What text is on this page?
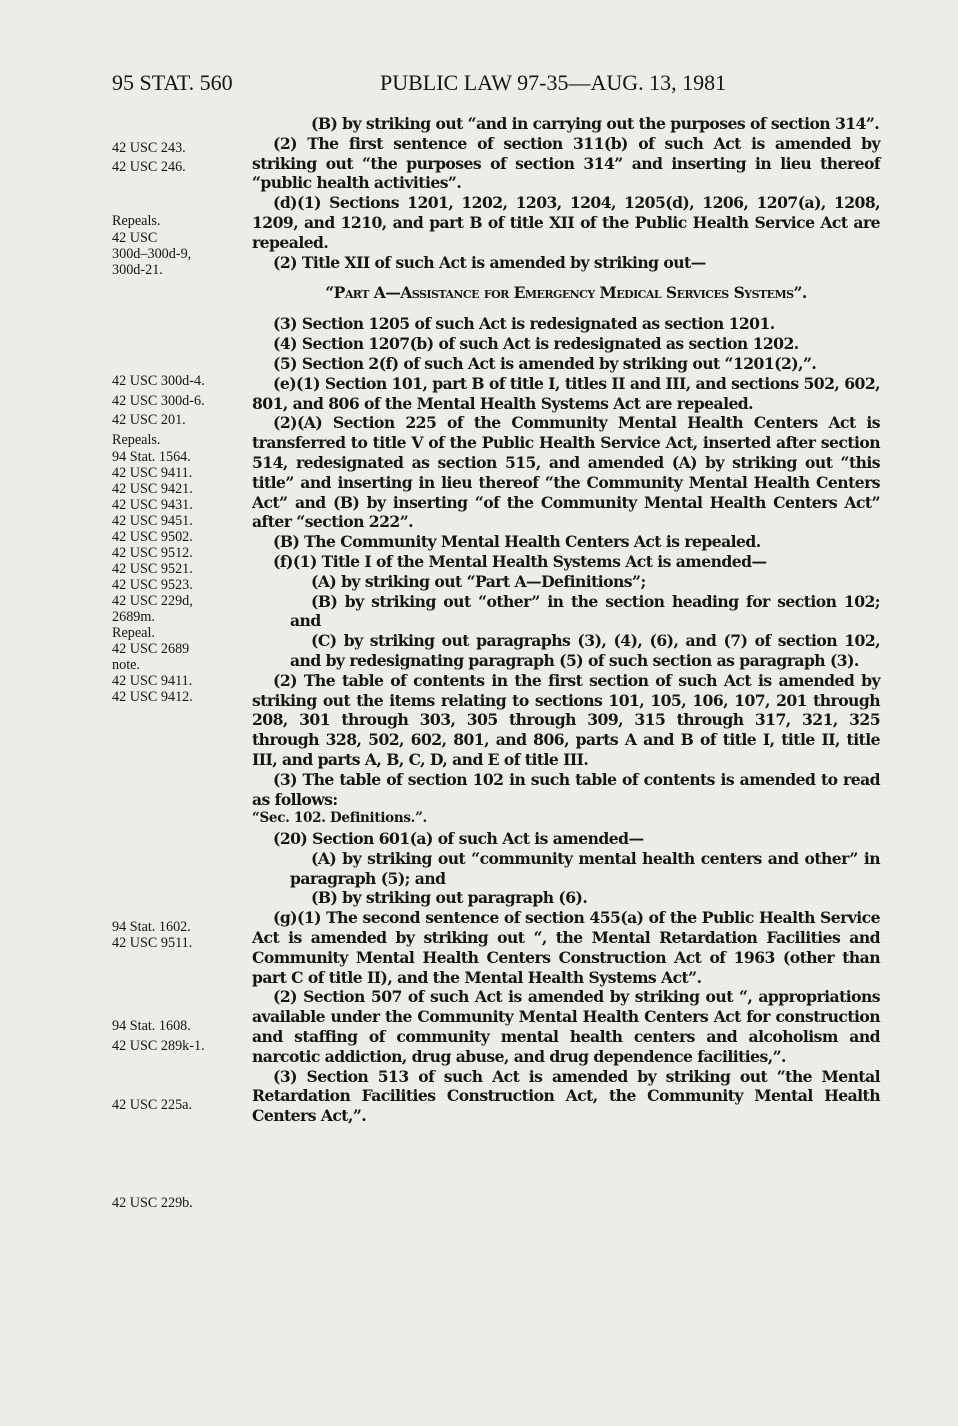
95 STAT. 560	PUBLIC LAW 97-35—AUG. 13, 1981
42 USC 243.
42 USC 246.
Repeals.
42 USC
300d–300d-9,
300d-21.
42 USC 300d-4.
42 USC 300d-6.
42 USC 201.
Repeals.
94 Stat. 1564.
42 USC 9411.
42 USC 9421.
42 USC 9431.
42 USC 9451.
42 USC 9502.
42 USC 9512.
42 USC 9521.
42 USC 9523.
42 USC 229d,
2689m.
Repeal.
42 USC 2689
note.
42 USC 9411.
42 USC 9412.
94 Stat. 1602.
42 USC 9511.
94 Stat. 1608.
42 USC 289k-1.
42 USC 225a.
42 USC 229b.

(B) by striking out “and in carrying out the purposes of section 314”.

(2) The first sentence of section 311(b) of such Act is amended by striking out “the purposes of section 314” and inserting in lieu thereof “public health activities”.

(d)(1) Sections 1201, 1202, 1203, 1204, 1205(d), 1206, 1207(a), 1208, 1209, and 1210, and part B of title XII of the Public Health Service Act are repealed.

(2) Title XII of such Act is amended by striking out—

“Part A—Assistance for Emergency Medical Services Systems”.

(3) Section 1205 of such Act is redesignated as section 1201.

(4) Section 1207(b) of such Act is redesignated as section 1202.

(5) Section 2(f) of such Act is amended by striking out “1201(2),”.

(e)(1) Section 101, part B of title I, titles II and III, and sections 502, 602, 801, and 806 of the Mental Health Systems Act are repealed.

(2)(A) Section 225 of the Community Mental Health Centers Act is transferred to title V of the Public Health Service Act, inserted after section 514, redesignated as section 515, and amended (A) by striking out “this title” and inserting in lieu thereof “the Community Mental Health Centers Act” and (B) by inserting “of the Community Mental Health Centers Act” after “section 222”.

(B) The Community Mental Health Centers Act is repealed.

(f)(1) Title I of the Mental Health Systems Act is amended—

(A) by striking out “Part A—Definitions”;

(B) by striking out “other” in the section heading for section 102; and

(C) by striking out paragraphs (3), (4), (6), and (7) of section 102, and by redesignating paragraph (5) of such section as paragraph (3).

(2) The table of contents in the first section of such Act is amended by striking out the items relating to sections 101, 105, 106, 107, 201 through 208, 301 through 303, 305 through 309, 315 through 317, 321, 325 through 328, 502, 602, 801, and 806, parts A and B of title I, title II, title III, and parts A, B, C, D, and E of title III.

(3) The table of section 102 in such table of contents is amended to read as follows:

“Sec. 102. Definitions.”.

(20) Section 601(a) of such Act is amended—

(A) by striking out “community mental health centers and other” in paragraph (5); and

(B) by striking out paragraph (6).

(g)(1) The second sentence of section 455(a) of the Public Health Service Act is amended by striking out “, the Mental Retardation Facilities and Community Mental Health Centers Construction Act of 1963 (other than part C of title II), and the Mental Health Systems Act”.

(2) Section 507 of such Act is amended by striking out “, appropriations available under the Community Mental Health Centers Act for construction and staffing of community mental health centers and alcoholism and narcotic addiction, drug abuse, and drug dependence facilities,”.

(3) Section 513 of such Act is amended by striking out “the Mental Retardation Facilities Construction Act, the Community Mental Health Centers Act,”.
